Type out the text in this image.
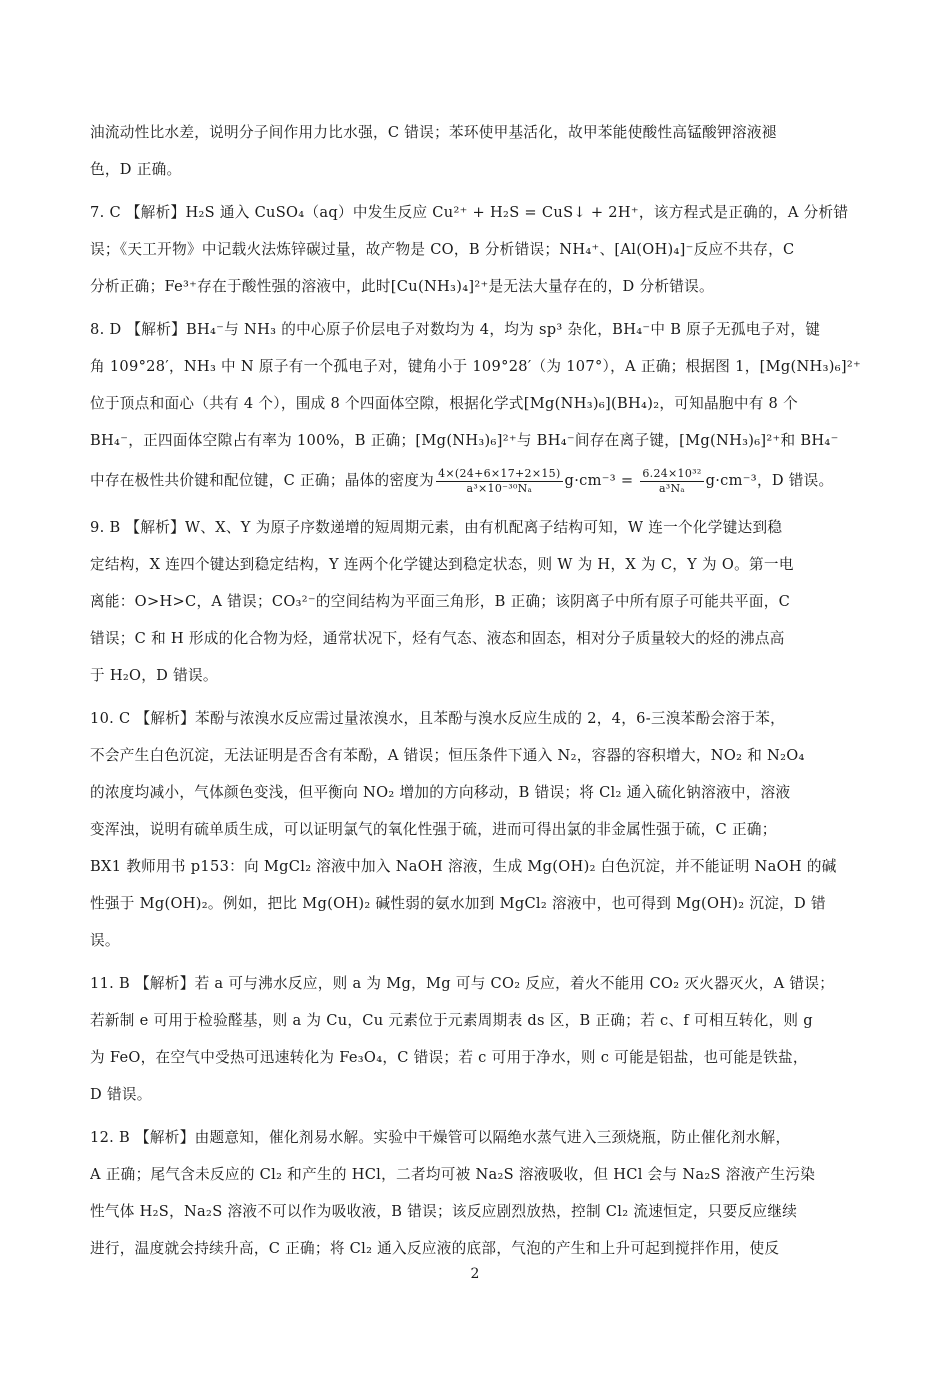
油流动性比水差，说明分子间作用力比水强，C 错误；苯环使甲基活化，故甲苯能使酸性高锰酸钾溶液褪
色，D 正确。
7. C 【解析】H₂S 通入 CuSO₄（aq）中发生反应 Cu²⁺ + H₂S = CuS↓ + 2H⁺，该方程式是正确的，A 分析错
误；《天工开物》中记载火法炼锌碳过量，故产物是 CO，B 分析错误；NH₄⁺、[Al(OH)₄]⁻反应不共存，C
分析正确；Fe³⁺存在于酸性强的溶液中，此时[Cu(NH₃)₄]²⁺是无法大量存在的，D 分析错误。
8. D 【解析】BH₄⁻与 NH₃ 的中心原子价层电子对数均为 4，均为 sp³ 杂化，BH₄⁻中 B 原子无孤电子对，键
角 109°28′，NH₃ 中 N 原子有一个孤电子对，键角小于 109°28′（为 107°），A 正确；根据图 1，[Mg(NH₃)₆]²⁺
位于顶点和面心（共有 4 个），围成 8 个四面体空隙，根据化学式[Mg(NH₃)₆](BH₄)₂，可知晶胞中有 8 个
BH₄⁻，正四面体空隙占有率为 100%，B 正确；[Mg(NH₃)₆]²⁺与 BH₄⁻间存在离子键，[Mg(NH₃)₆]²⁺和 BH₄⁻
中存在极性共价键和配位键，C 正确；晶体的密度为 $\frac{4\times(24+6\times 17+2\times 15)}{\text{a³×10⁻³⁰Nₐ}} g\cdot cm^{-3} = \frac{\text{6.24×10³²}}{\text{a³Nₐ}} g\cdot cm^{-3}$，D 错误。
9. B 【解析】W、X、Y 为原子序数递增的短周期元素，由有机配离子结构可知，W 连一个化学键达到稳
定结构，X 连四个键达到稳定结构，Y 连两个化学键达到稳定状态，则 W 为 H，X 为 C，Y 为 O。第一电
离能：O>H>C，A 错误；CO₃²⁻的空间结构为平面三角形，B 正确；该阴离子中所有原子可能共平面，C
错误；C 和 H 形成的化合物为烃，通常状况下，烃有气态、液态和固态，相对分子质量较大的烃的沸点高
于 H₂O，D 错误。
10. C 【解析】苯酚与浓溴水反应需过量浓溴水，且苯酚与溴水反应生成的 2，4，6-三溴苯酚会溶于苯，
不会产生白色沉淀，无法证明是否含有苯酚，A 错误；恒压条件下通入 N₂，容器的容积增大，NO₂ 和 N₂O₄
的浓度均减小，气体颜色变浅，但平衡向 NO₂ 增加的方向移动，B 错误；将 Cl₂ 通入硫化钠溶液中，溶液
变浑浊，说明有硫单质生成，可以证明氯气的氧化性强于硫，进而可得出氯的非金属性强于硫，C 正确；
BX1 教师用书 p153：向 MgCl₂ 溶液中加入 NaOH 溶液，生成 Mg(OH)₂ 白色沉淀，并不能证明 NaOH 的碱
性强于 Mg(OH)₂。例如，把比 Mg(OH)₂ 碱性弱的氨水加到 MgCl₂ 溶液中，也可得到 Mg(OH)₂ 沉淀，D 错
误。
11. B 【解析】若 a 可与沸水反应，则 a 为 Mg，Mg 可与 CO₂ 反应，着火不能用 CO₂ 灭火器灭火，A 错误；
若新制 e 可用于检验醛基，则 a 为 Cu，Cu 元素位于元素周期表 ds 区，B 正确；若 c、f 可相互转化，则 g
为 FeO，在空气中受热可迅速转化为 Fe₃O₄，C 错误；若 c 可用于净水，则 c 可能是铝盐，也可能是铁盐，
D 错误。
12. B 【解析】由题意知，催化剂易水解。实验中干燥管可以隔绝水蒸气进入三颈烧瓶，防止催化剂水解，
A 正确；尾气含未反应的 Cl₂ 和产生的 HCl，二者均可被 Na₂S 溶液吸收，但 HCl 会与 Na₂S 溶液产生污染
性气体 H₂S，Na₂S 溶液不可以作为吸收液，B 错误；该反应剧烈放热，控制 Cl₂ 流速恒定，只要反应继续
进行，温度就会持续升高，C 正确；将 Cl₂ 通入反应液的底部，气泡的产生和上升可起到搅拌作用，使反
2
